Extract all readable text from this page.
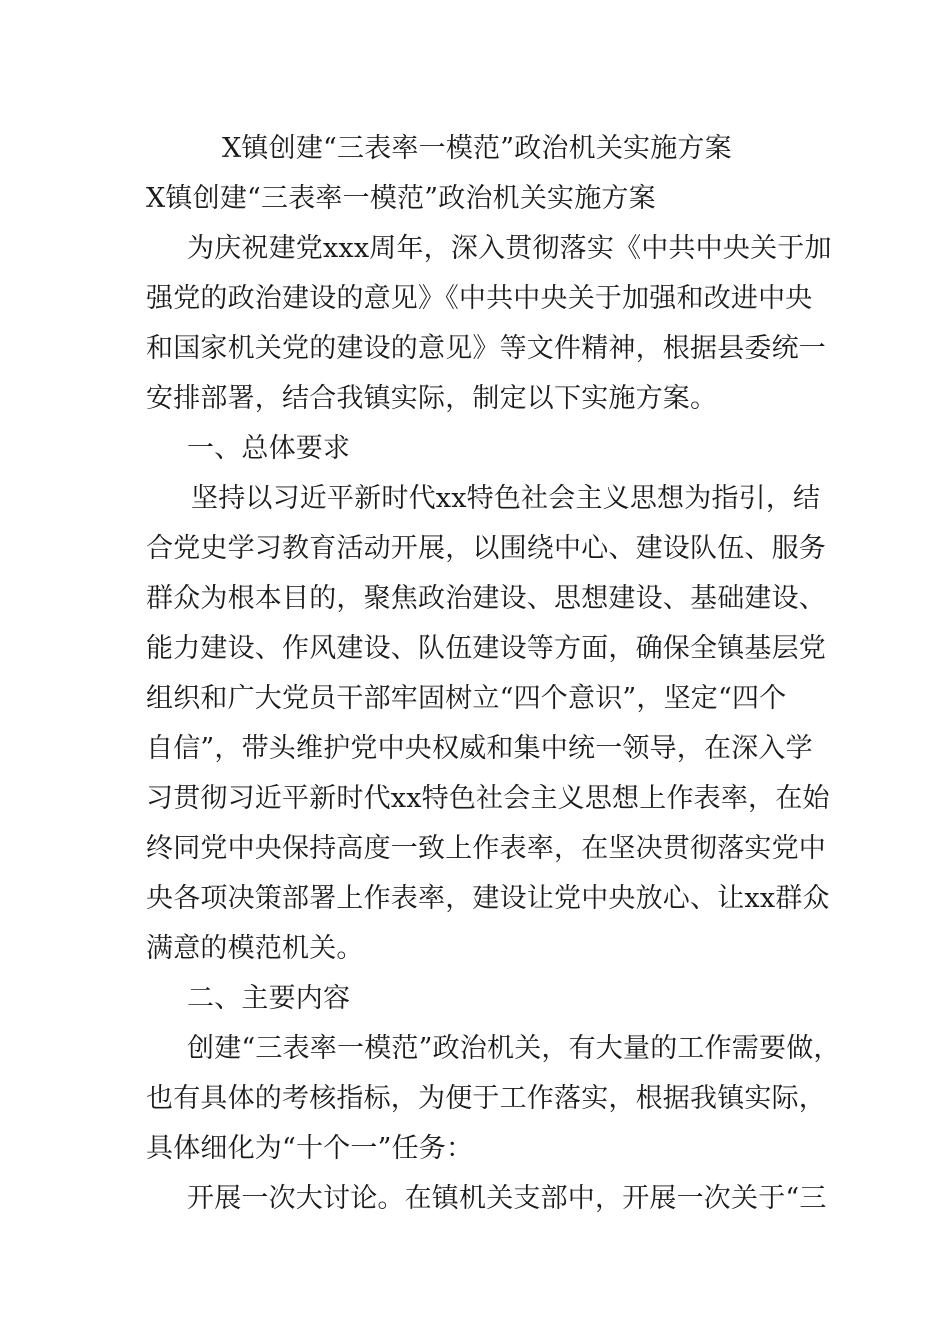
X镇创建“三表率一模范”政治机关实施方案
X镇创建“三表率一模范”政治机关实施方案
为庆祝建党xxx周年，深入贯彻落实《中共中央关于加
强党的政治建设的意见》《中共中央关于加强和改进中央
和国家机关党的建设的意见》等文件精神，根据县委统一
安排部署，结合我镇实际，制定以下实施方案。
一、总体要求
坚持以习近平新时代xx特色社会主义思想为指引，结
合党史学习教育活动开展，以围绕中心、建设队伍、服务
群众为根本目的，聚焦政治建设、思想建设、基础建设、
能力建设、作风建设、队伍建设等方面，确保全镇基层党
组织和广大党员干部牢固树立“四个意识”，坚定“四个
自信”，带头维护党中央权威和集中统一领导，在深入学
习贯彻习近平新时代xx特色社会主义思想上作表率，在始
终同党中央保持高度一致上作表率，在坚决贯彻落实党中
央各项决策部署上作表率，建设让党中央放心、让xx群众
满意的模范机关。
二、主要内容
创建“三表率一模范”政治机关，有大量的工作需要做，
也有具体的考核指标，为便于工作落实，根据我镇实际，
具体细化为“十个一”任务：
开展一次大讨论。在镇机关支部中，开展一次关于“三
